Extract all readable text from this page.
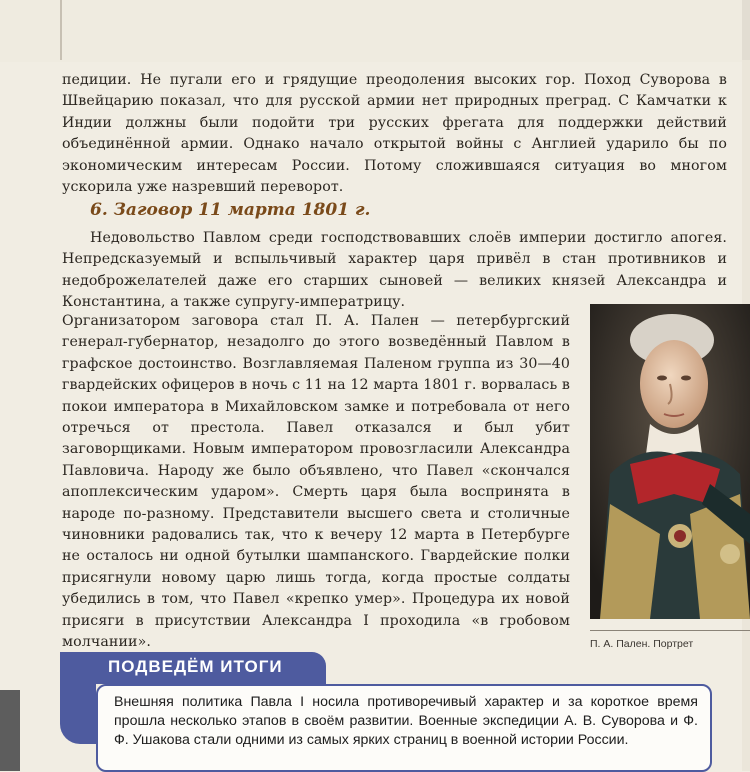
педиции. Не пугали его и грядущие преодоления высоких гор. Поход Суворова в Швейцарию показал, что для русской армии нет природных преград. С Камчатки к Индии должны были подойти три русских фрегата для поддержки действий объединённой армии. Однако начало открытой войны с Англией ударило бы по экономическим интересам России. Потому сложившаяся ситуация во многом ускорила уже назревший переворот.
6. Заговор 11 марта 1801 г.
Недовольство Павлом среди господствовавших слоёв империи достигло апогея. Непредсказуемый и вспыльчивый характер царя привёл в стан противников и недоброжелателей даже его старших сыновей — великих князей Александра и Константина, а также супругу-императрицу.
Организатором заговора стал П. А. Пален — петербургский генерал-губернатор, незадолго до этого возведённый Павлом в графское достоинство. Возглавляемая Паленом группа из 30—40 гвардейских офицеров в ночь с 11 на 12 марта 1801 г. ворвалась в покои императора в Михайловском замке и потребовала от него отречься от престола. Павел отказался и был убит заговорщиками. Новым императором провозгласили Александра Павловича. Народу же было объявлено, что Павел «скончался апоплексическим ударом». Смерть царя была воспринята в народе по-разному. Представители высшего света и столичные чиновники радовались так, что к вечеру 12 марта в Петербурге не осталось ни одной бутылки шампанского. Гвардейские полки присягнули новому царю лишь тогда, когда простые солдаты убедились в том, что Павел «крепко умер». Процедура их новой присяги в присутствии Александра I проходила «в гробовом молчании».	П. А. Пален. Портрет
ПОДВЕДЁМ ИТОГИ
Внешняя политика Павла I носила противоречивый характер и за короткое время прошла несколько этапов в своём развитии. Военные экспедиции А. В. Суворова и Ф. Ф. Ушакова стали одними из самых ярких страниц в военной истории России.
